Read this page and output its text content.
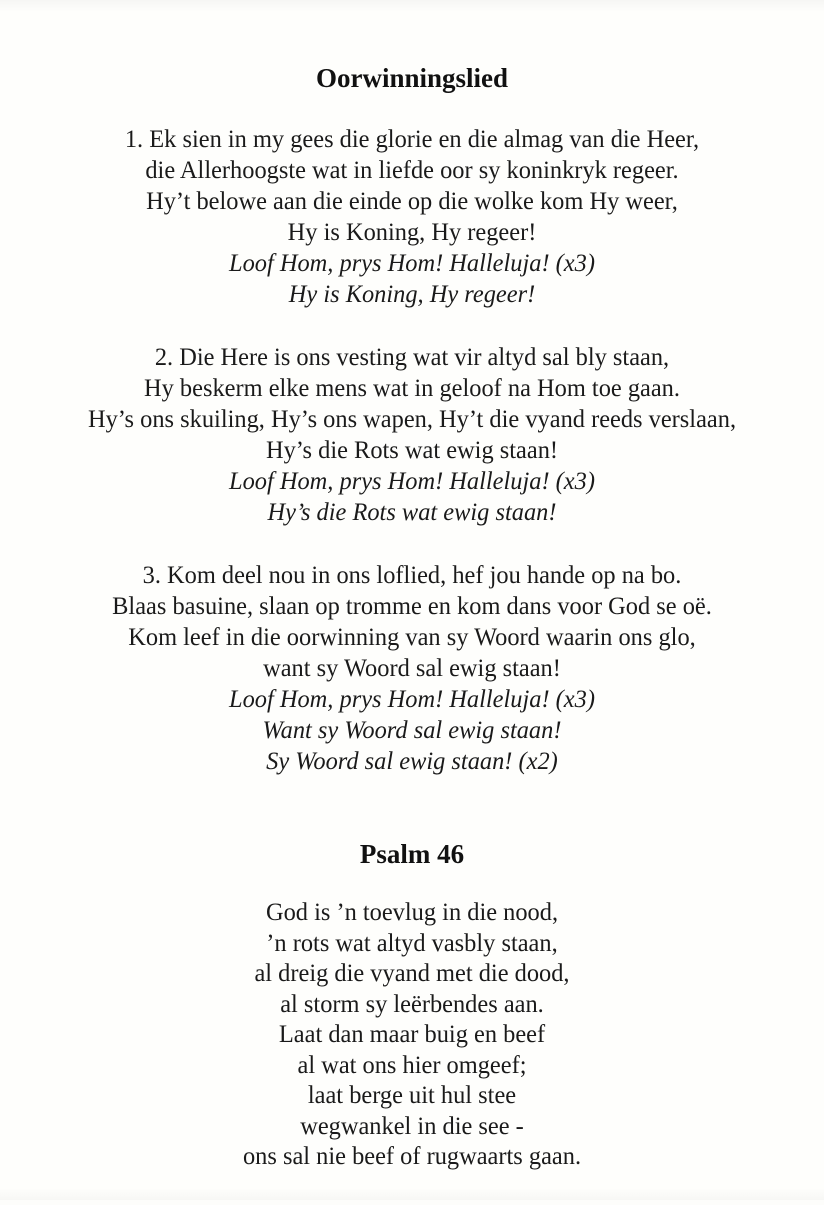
Oorwinningslied
1. Ek sien in my gees die glorie en die almag van die Heer,
die Allerhoogste wat in liefde oor sy koninkryk regeer.
Hy’t belowe aan die einde op die wolke kom Hy weer,
Hy is Koning, Hy regeer!
Loof Hom, prys Hom! Halleluja! (x3)
Hy is Koning, Hy regeer!
2. Die Here is ons vesting wat vir altyd sal bly staan,
Hy beskerm elke mens wat in geloof na Hom toe gaan.
Hy’s ons skuiling, Hy’s ons wapen, Hy’t die vyand reeds verslaan,
Hy’s die Rots wat ewig staan!
Loof Hom, prys Hom! Halleluja! (x3)
Hy’s die Rots wat ewig staan!
3. Kom deel nou in ons loflied, hef jou hande op na bo.
Blaas basuine, slaan op tromme en kom dans voor God se oë.
Kom leef in die oorwinning van sy Woord waarin ons glo,
want sy Woord sal ewig staan!
Loof Hom, prys Hom! Halleluja! (x3)
Want sy Woord sal ewig staan!
Sy Woord sal ewig staan! (x2)
Psalm 46
God is ’n toevlug in die nood,
’n rots wat altyd vasbly staan,
al dreig die vyand met die dood,
al storm sy leërbendes aan.
Laat dan maar buig en beef
al wat ons hier omgeef;
laat berge uit hul stee
wegwankel in die see -
ons sal nie beef of rugwaarts gaan.
